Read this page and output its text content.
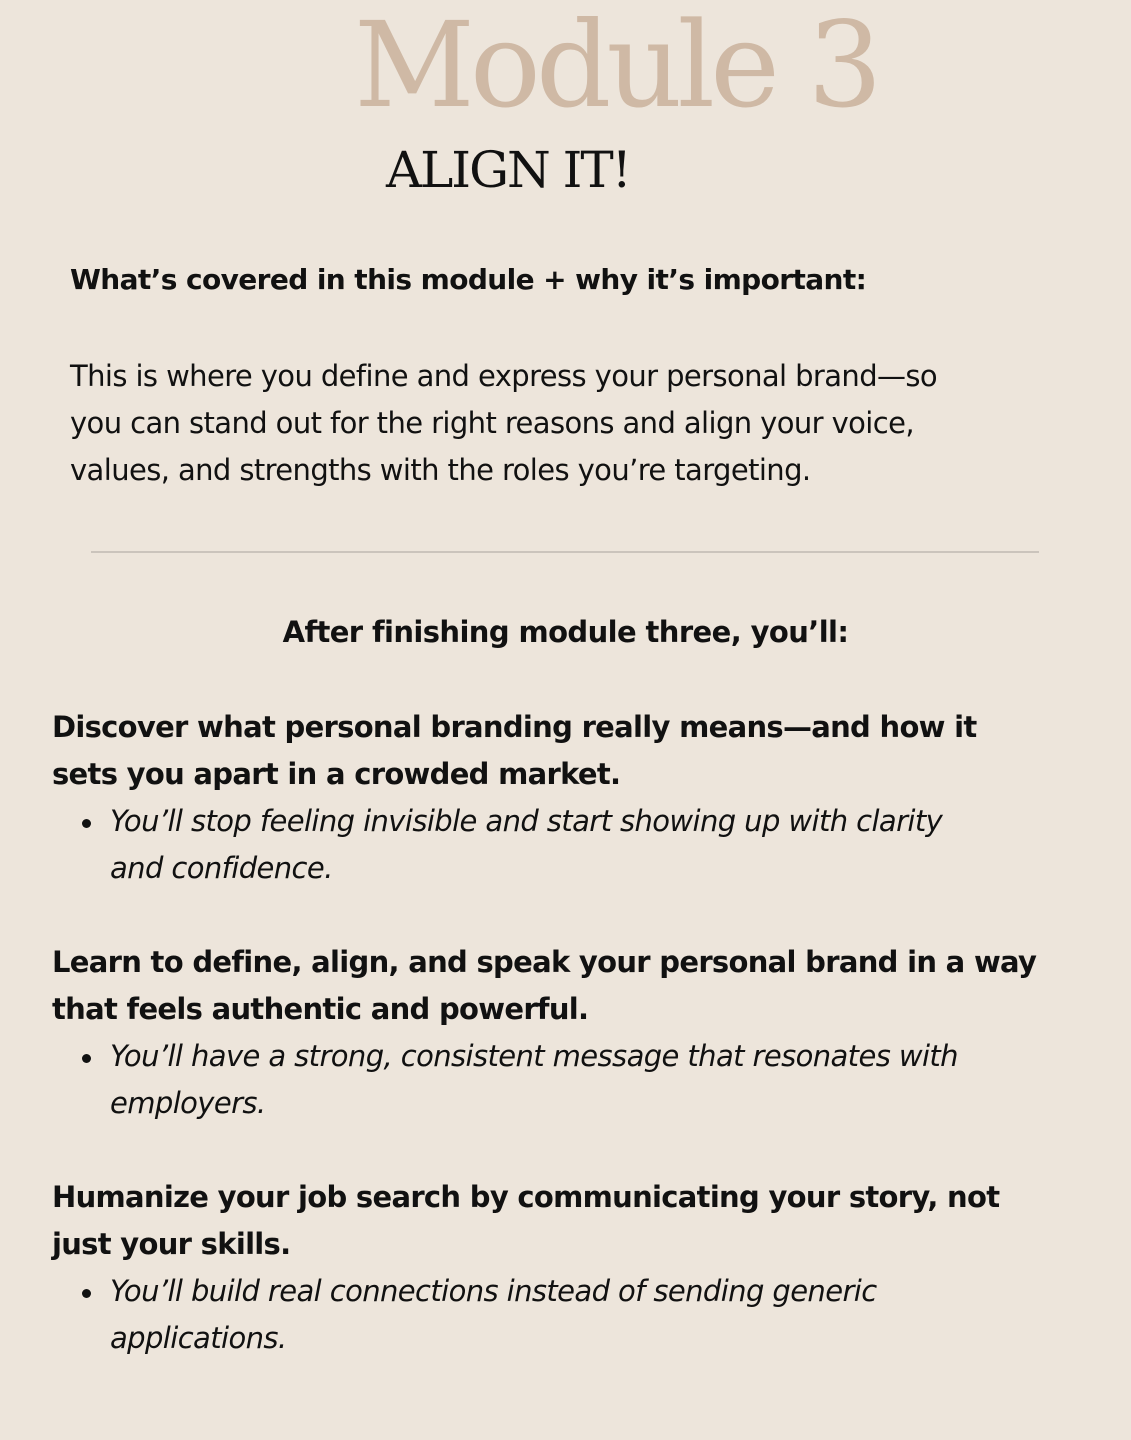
Module 3
ALIGN IT!
What’s covered in this module + why it’s important:

This is where you define and express your personal brand—so
you can stand out for the right reasons and align your voice,
values, and strengths with the roles you’re targeting.

After finishing module three, you’ll:

Discover what personal branding really means—and how it
sets you apart in a crowded market.

You’ll stop feeling invisible and start showing up with clarity
and confidence.

Learn to define, align, and speak your personal brand in a way
that feels authentic and powerful.

You’ll have a strong, consistent message that resonates with
employers.

Humanize your job search by communicating your story, not
just your skills.

You’ll build real connections instead of sending generic
applications.
